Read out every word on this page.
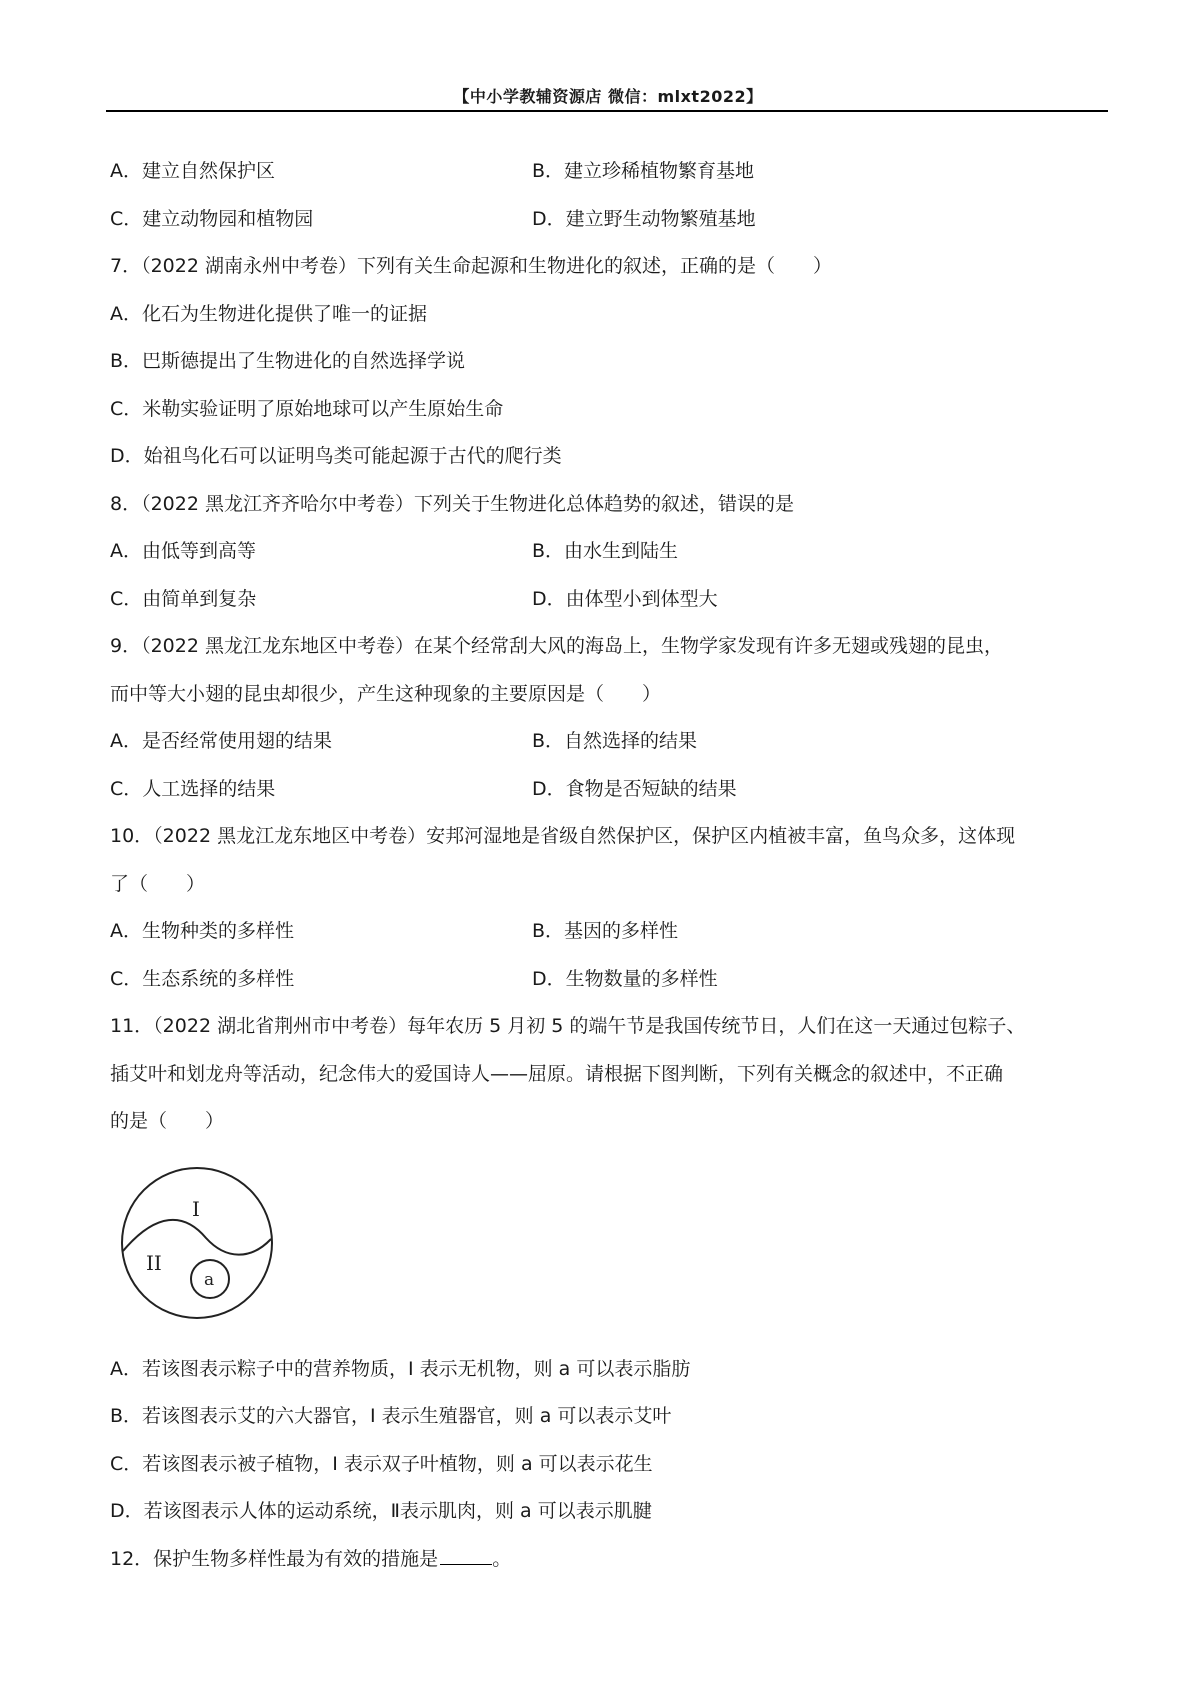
【中小学教辅资源店 微信：mlxt2022】
A．建立自然保护区	B．建立珍稀植物繁育基地
C．建立动物园和植物园	D．建立野生动物繁殖基地
7．（2022 湖南永州中考卷）下列有关生命起源和生物进化的叙述，正确的是（　　）
A．化石为生物进化提供了唯一的证据
B．巴斯德提出了生物进化的自然选择学说
C．米勒实验证明了原始地球可以产生原始生命
D．始祖鸟化石可以证明鸟类可能起源于古代的爬行类
8．（2022 黑龙江齐齐哈尔中考卷）下列关于生物进化总体趋势的叙述，错误的是
A．由低等到高等	B．由水生到陆生
C．由简单到复杂	D．由体型小到体型大
9．（2022 黑龙江龙东地区中考卷）在某个经常刮大风的海岛上，生物学家发现有许多无翅或残翅的昆虫，
而中等大小翅的昆虫却很少，产生这种现象的主要原因是（　　）
A．是否经常使用翅的结果	B．自然选择的结果
C．人工选择的结果	D．食物是否短缺的结果
10．（2022 黑龙江龙东地区中考卷）安邦河湿地是省级自然保护区，保护区内植被丰富，鱼鸟众多，这体现
了（　　）
A．生物种类的多样性	B．基因的多样性
C．生态系统的多样性	D．生物数量的多样性
11．（2022 湖北省荆州市中考卷）每年农历 5 月初 5 的端午节是我国传统节日，人们在这一天通过包粽子、
插艾叶和划龙舟等活动，纪念伟大的爱国诗人——屈原。请根据下图判断，下列有关概念的叙述中，不正确
的是（　　）
I
II
a
A．若该图表示粽子中的营养物质，I 表示无机物，则 a 可以表示脂肪
B．若该图表示艾的六大器官，I 表示生殖器官，则 a 可以表示艾叶
C．若该图表示被子植物，I 表示双子叶植物，则 a 可以表示花生
D．若该图表示人体的运动系统，Ⅱ表示肌肉，则 a 可以表示肌腱
12．保护生物多样性最为有效的措施是	。
